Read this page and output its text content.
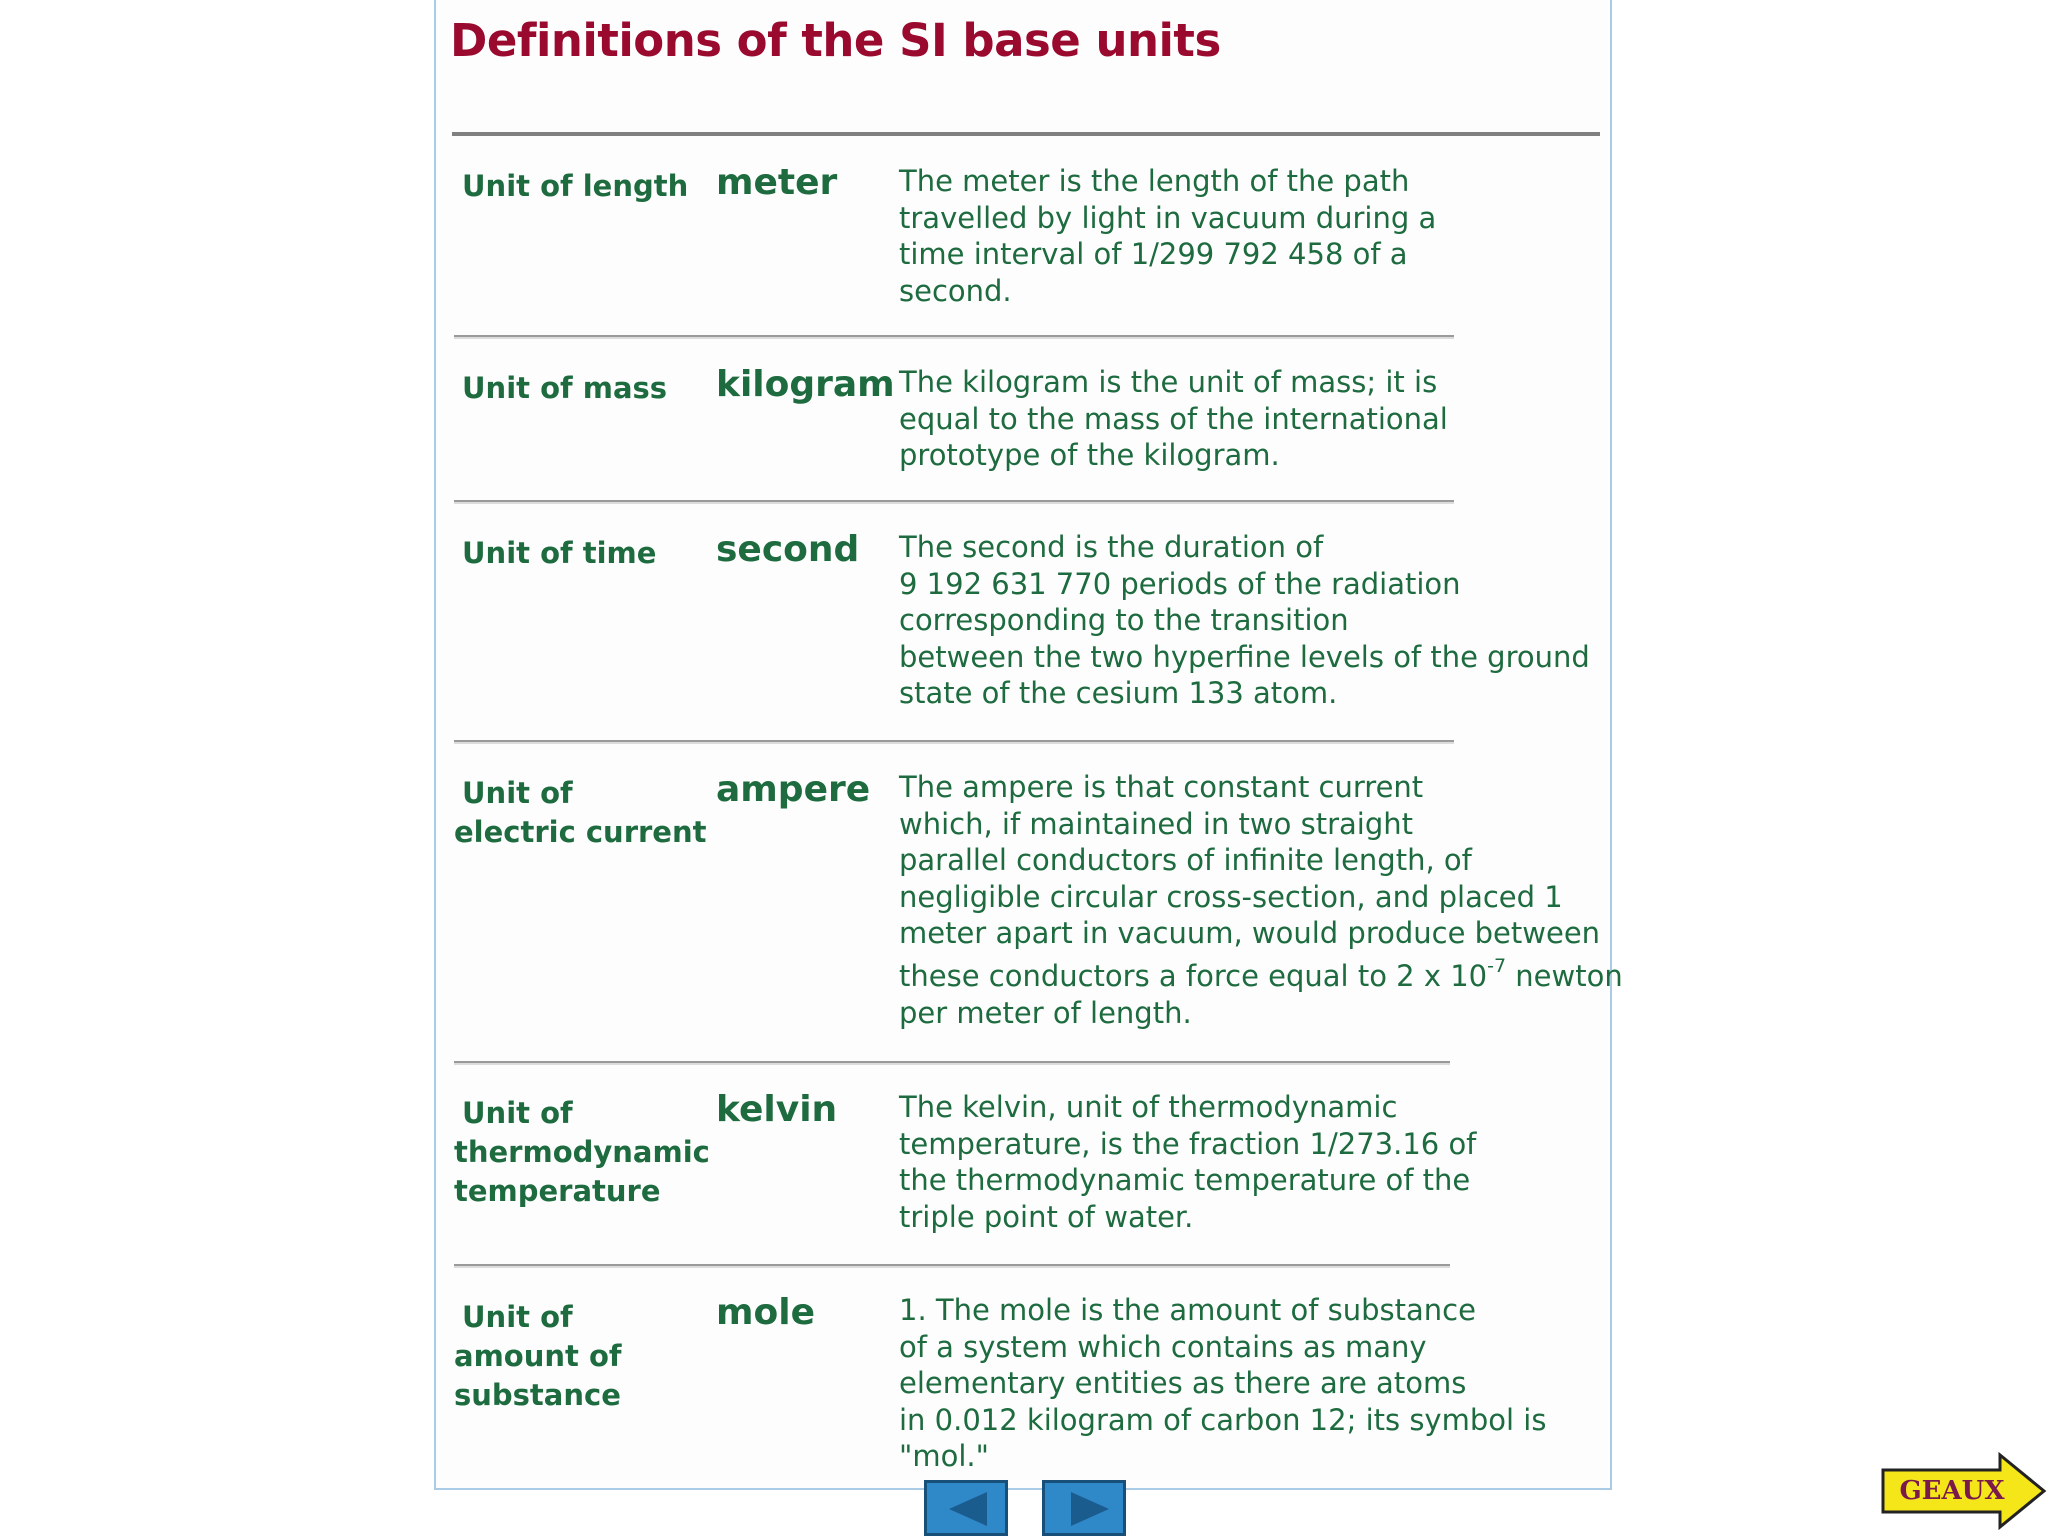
Definitions of the SI base units
Unit of length meter The meter is the length of the path
travelled by light in vacuum during a
time interval of 1/299 792 458 of a
second.
Unit of mass kilogram The kilogram is the unit of mass; it is
equal to the mass of the international
prototype of the kilogram.
Unit of time second The second is the duration of
9 192 631 770 periods of the radiation
corresponding to the transition
between the two hyperfine levels of the ground
state of the cesium 133 atom.
Unit of
electric current
ampere The ampere is that constant current
which, if maintained in two straight
parallel conductors of infinite length, of
negligible circular cross-section, and placed 1
meter apart in vacuum, would produce between
these conductors a force equal to 2 x $10^{-7}$ newton
per meter of length.
Unit of
thermodynamic
temperature
kelvin The kelvin, unit of thermodynamic
temperature, is the fraction 1/273.16 of
the thermodynamic temperature of the
triple point of water.
Unit of
amount of
substance
mole	1. The mole is the amount of substance
of a system which contains as many
elementary entities as there are atoms
in 0.012 kilogram of carbon 12; its symbol is
"mol."
GEAUX
